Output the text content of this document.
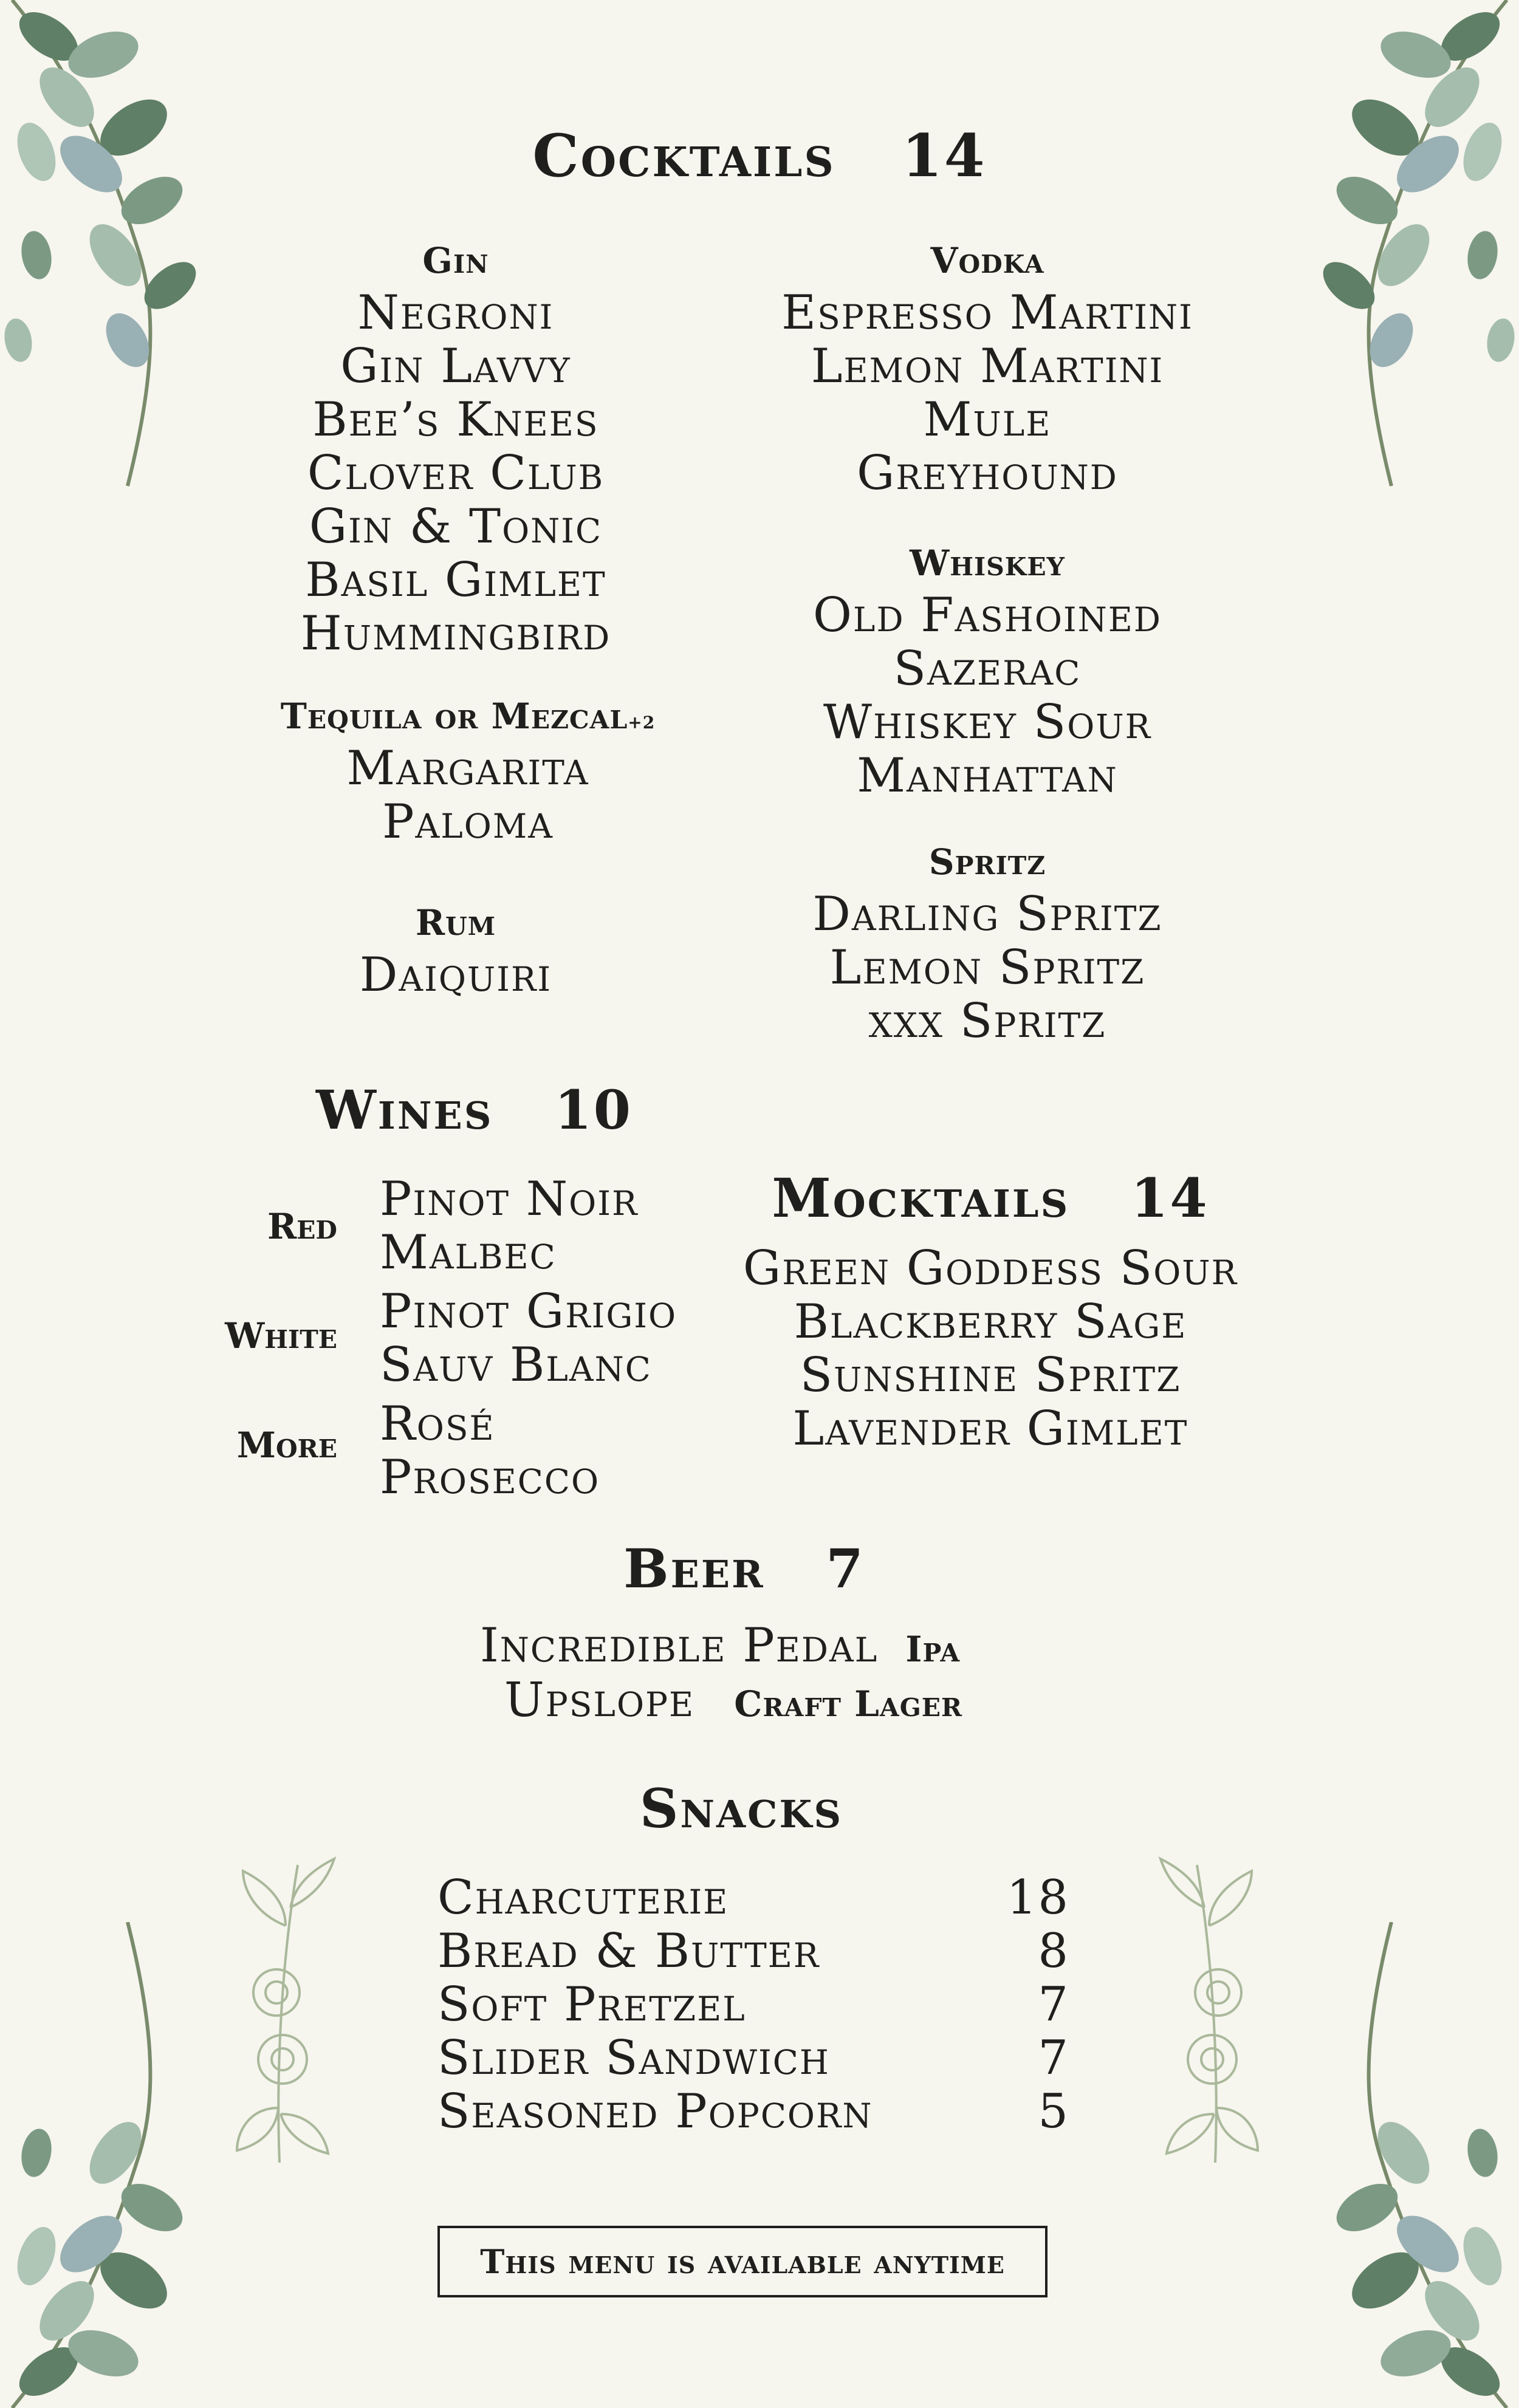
Cocktails 14
Gin
Negroni
Gin Lavvy
Bee’s Knees
Clover Club
Gin & Tonic
Basil Gimlet
Hummingbird
Tequila or Mezcal+2
Margarita
Paloma
Rum
Daiquiri
Vodka
Espresso Martini
Lemon Martini
Mule
Greyhound
Whiskey
Old Fashoined
Sazerac
Whiskey Sour
Manhattan
Spritz
Darling Spritz
Lemon Spritz
xxx Spritz
Wines 10
Red Pinot Noir
Malbec
White Pinot Grigio
Sauv Blanc
More Rosé
Prosecco
Mocktails 14
Green Goddess Sour
Blackberry Sage
Sunshine Spritz
Lavender Gimlet
Beer 7
Incredible Pedal Ipa
Upslope Craft Lager
Snacks
Charcuterie	18
Bread & Butter	8
Soft Pretzel	7
Slider Sandwich	7
Seasoned Popcorn	5
This menu is available anytime
